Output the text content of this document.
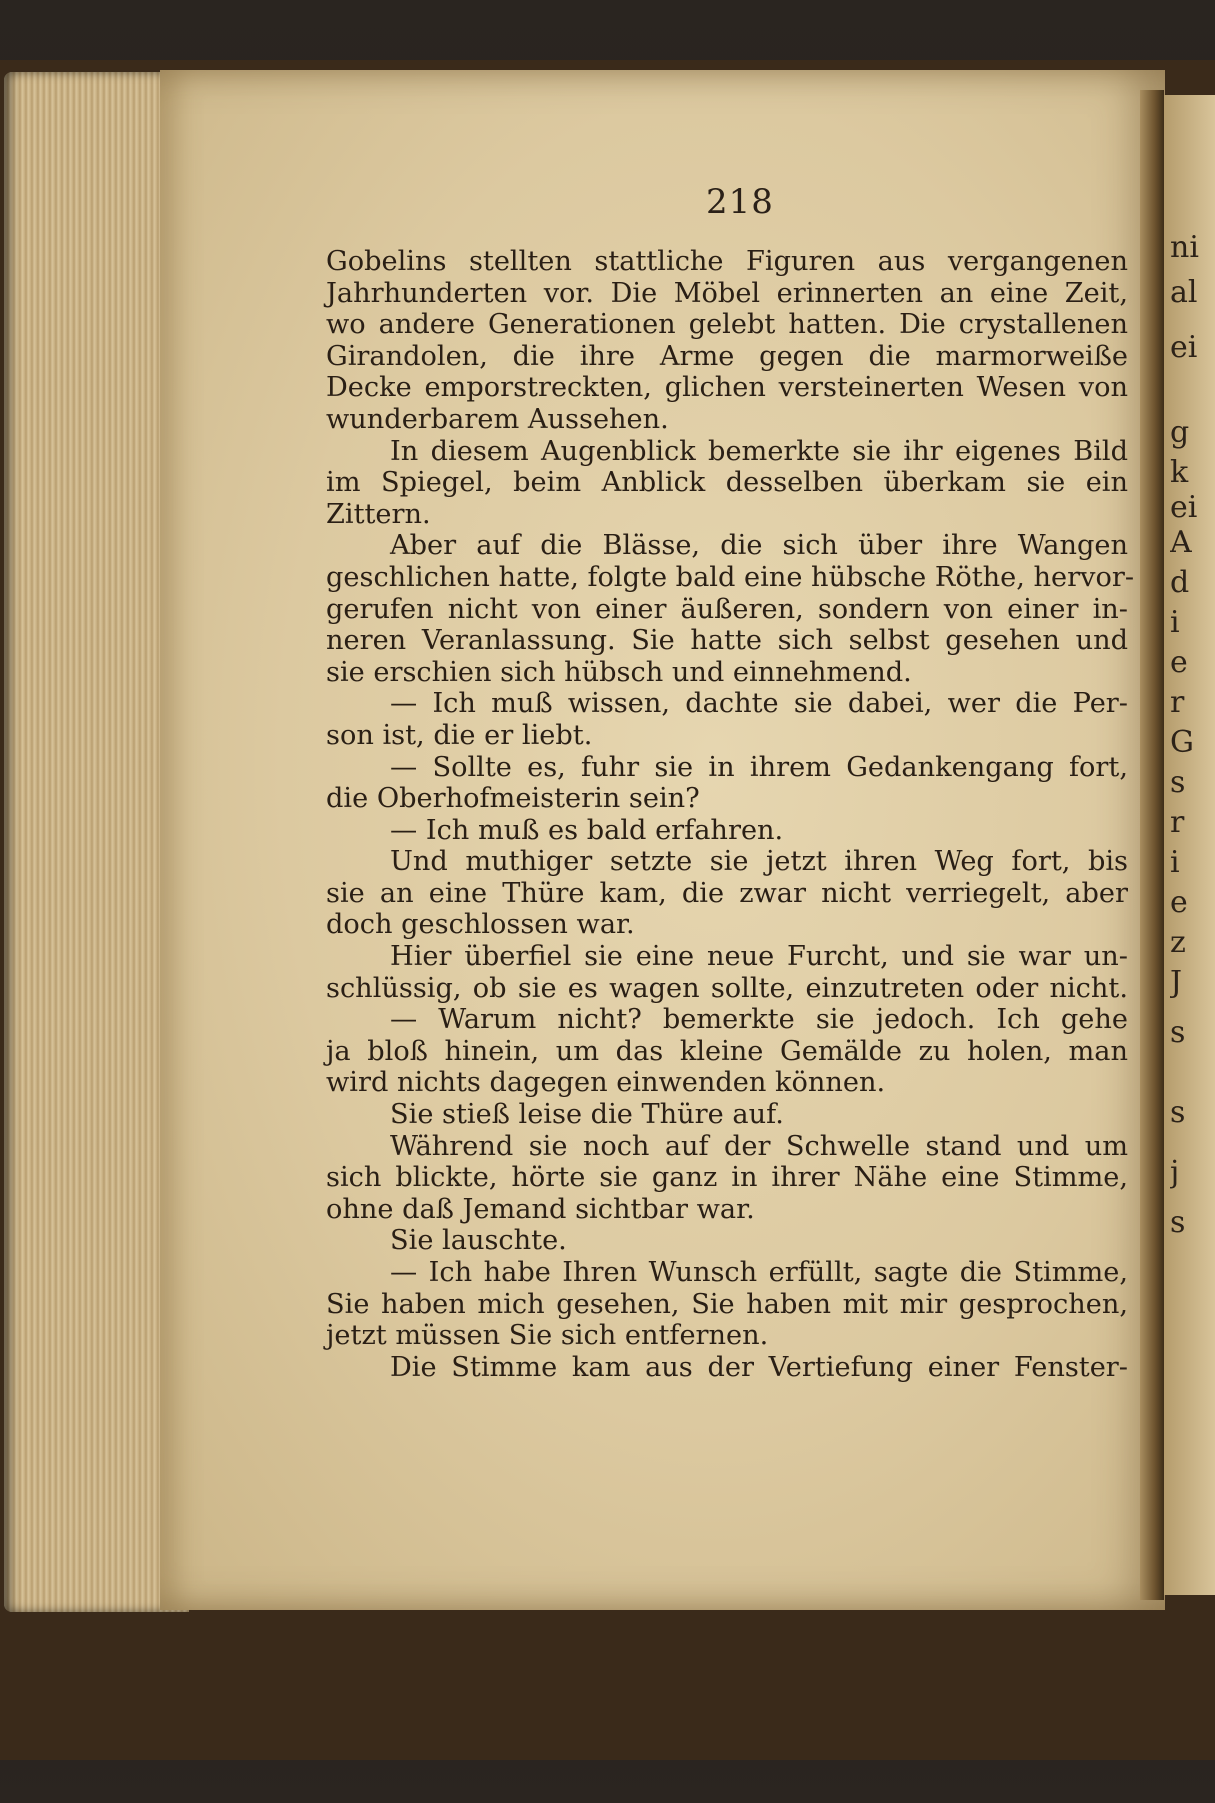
ni
al
ei
g
k
ei
A
d
i
e
r
G
s
r
i
e
z
J
s
s
j
s
218
Gobelins stellten stattliche Figuren aus vergangenen
Jahrhunderten vor. Die Möbel erinnerten an eine Zeit,
wo andere Generationen gelebt hatten. Die crystallenen
Girandolen, die ihre Arme gegen die marmorweiße
Decke emporstreckten, glichen versteinerten Wesen von
wunderbarem Aussehen.
In diesem Augenblick bemerkte sie ihr eigenes Bild
im Spiegel, beim Anblick desselben überkam sie ein
Zittern.
Aber auf die Blässe, die sich über ihre Wangen
geschlichen hatte, folgte bald eine hübsche Röthe, hervor-
gerufen nicht von einer äußeren, sondern von einer in-
neren Veranlassung. Sie hatte sich selbst gesehen und
sie erschien sich hübsch und einnehmend.
— Ich muß wissen, dachte sie dabei, wer die Per-
son ist, die er liebt.
— Sollte es, fuhr sie in ihrem Gedankengang fort,
die Oberhofmeisterin sein?
— Ich muß es bald erfahren.
Und muthiger setzte sie jetzt ihren Weg fort, bis
sie an eine Thüre kam, die zwar nicht verriegelt, aber
doch geschlossen war.
Hier überfiel sie eine neue Furcht, und sie war un-
schlüssig, ob sie es wagen sollte, einzutreten oder nicht.
— Warum nicht? bemerkte sie jedoch. Ich gehe
ja bloß hinein, um das kleine Gemälde zu holen, man
wird nichts dagegen einwenden können.
Sie stieß leise die Thüre auf.
Während sie noch auf der Schwelle stand und um
sich blickte, hörte sie ganz in ihrer Nähe eine Stimme,
ohne daß Jemand sichtbar war.
Sie lauschte.
— Ich habe Ihren Wunsch erfüllt, sagte die Stimme,
Sie haben mich gesehen, Sie haben mit mir gesprochen,
jetzt müssen Sie sich entfernen.
Die Stimme kam aus der Vertiefung einer Fenster-
